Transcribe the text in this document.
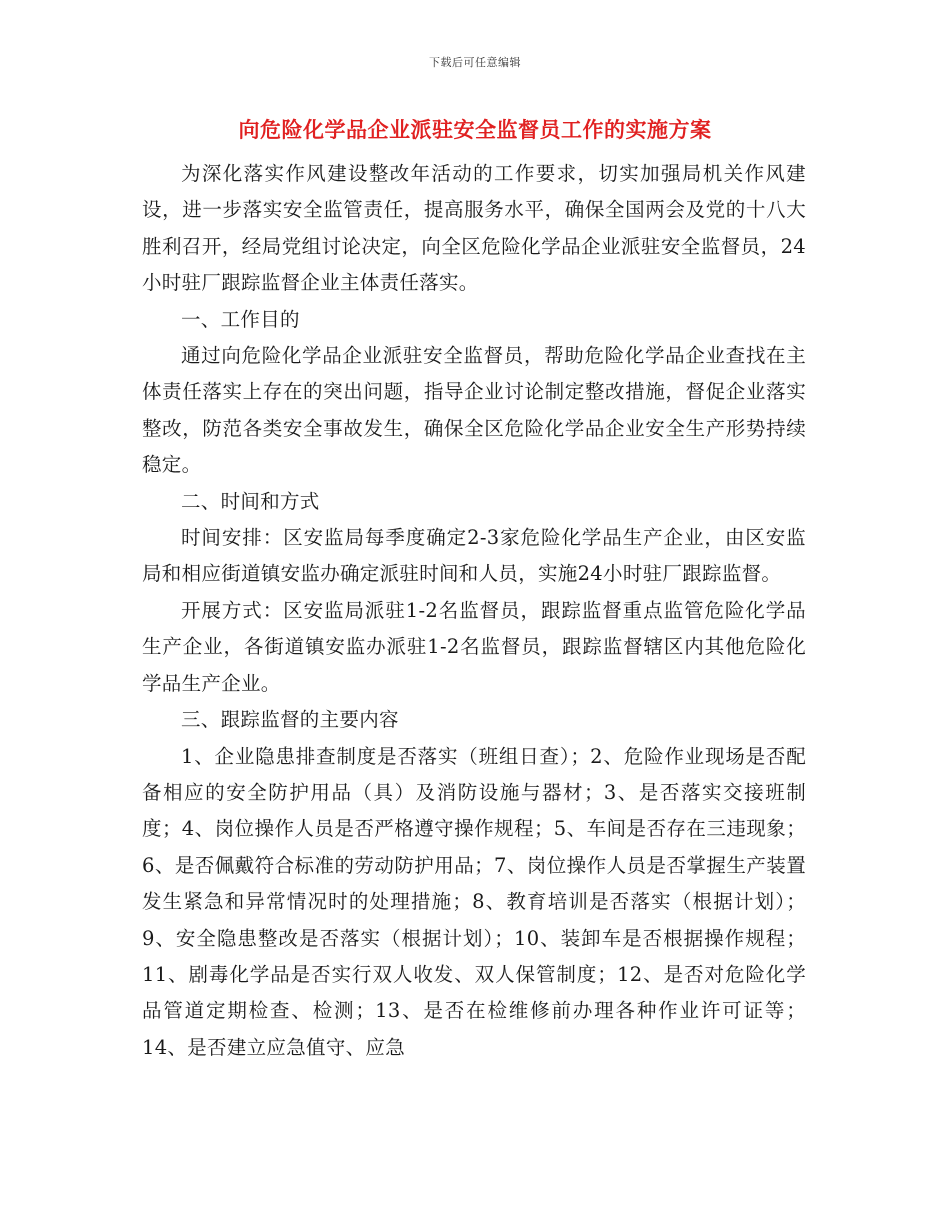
下载后可任意编辑
向危险化学品企业派驻安全监督员工作的实施方案

为深化落实作风建设整改年活动的工作要求，切实加强局机关作风建设，进一步落实安全监管责任，提高服务水平，确保全国两会及党的十八大胜利召开，经局党组讨论决定，向全区危险化学品企业派驻安全监督员，24小时驻厂跟踪监督企业主体责任落实。

一、工作目的

通过向危险化学品企业派驻安全监督员，帮助危险化学品企业查找在主体责任落实上存在的突出问题，指导企业讨论制定整改措施，督促企业落实整改，防范各类安全事故发生，确保全区危险化学品企业安全生产形势持续稳定。

二、时间和方式

时间安排：区安监局每季度确定2-3家危险化学品生产企业，由区安监局和相应街道镇安监办确定派驻时间和人员，实施24小时驻厂跟踪监督。

开展方式：区安监局派驻1-2名监督员，跟踪监督重点监管危险化学品生产企业，各街道镇安监办派驻1-2名监督员，跟踪监督辖区内其他危险化学品生产企业。

三、跟踪监督的主要内容

1、企业隐患排查制度是否落实（班组日查）；2、危险作业现场是否配备相应的安全防护用品（具）及消防设施与器材；3、是否落实交接班制度；4、岗位操作人员是否严格遵守操作规程；5、车间是否存在三违现象；6、是否佩戴符合标准的劳动防护用品；7、岗位操作人员是否掌握生产装置发生紧急和异常情况时的处理措施；8、教育培训是否落实（根据计划）；9、安全隐患整改是否落实（根据计划）；10、装卸车是否根据操作规程；11、剧毒化学品是否实行双人收发、双人保管制度；12、是否对危险化学品管道定期检查、检测；13、是否在检维修前办理各种作业许可证等；14、是否建立应急值守、应急
